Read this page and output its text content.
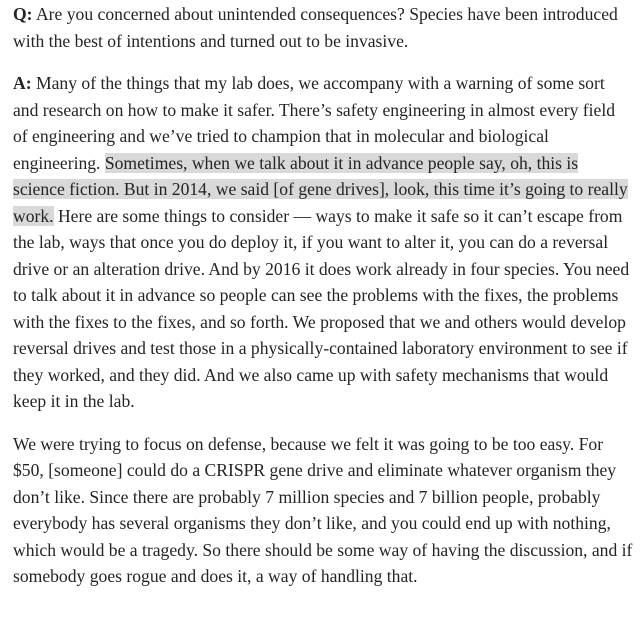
Q: Are you concerned about unintended consequences? Species have been introduced with the best of intentions and turned out to be invasive.

A: Many of the things that my lab does, we accompany with a warning of some sort and research on how to make it safer. There’s safety engineering in almost every field of engineering and we’ve tried to champion that in molecular and biological engineering. Sometimes, when we talk about it in advance people say, oh, this is science fiction. But in 2014, we said [of gene drives], look, this time it’s going to really work. Here are some things to consider — ways to make it safe so it can’t escape from the lab, ways that once you do deploy it, if you want to alter it, you can do a reversal drive or an alteration drive. And by 2016 it does work already in four species. You need to talk about it in advance so people can see the problems with the fixes, the problems with the fixes to the fixes, and so forth. We proposed that we and others would develop reversal drives and test those in a physically-contained laboratory environment to see if they worked, and they did. And we also came up with safety mechanisms that would keep it in the lab.

We were trying to focus on defense, because we felt it was going to be too easy. For $50, [someone] could do a CRISPR gene drive and eliminate whatever organism they don’t like. Since there are probably 7 million species and 7 billion people, probably everybody has several organisms they don’t like, and you could end up with nothing, which would be a tragedy. So there should be some way of having the discussion, and if somebody goes rogue and does it, a way of handling that.
